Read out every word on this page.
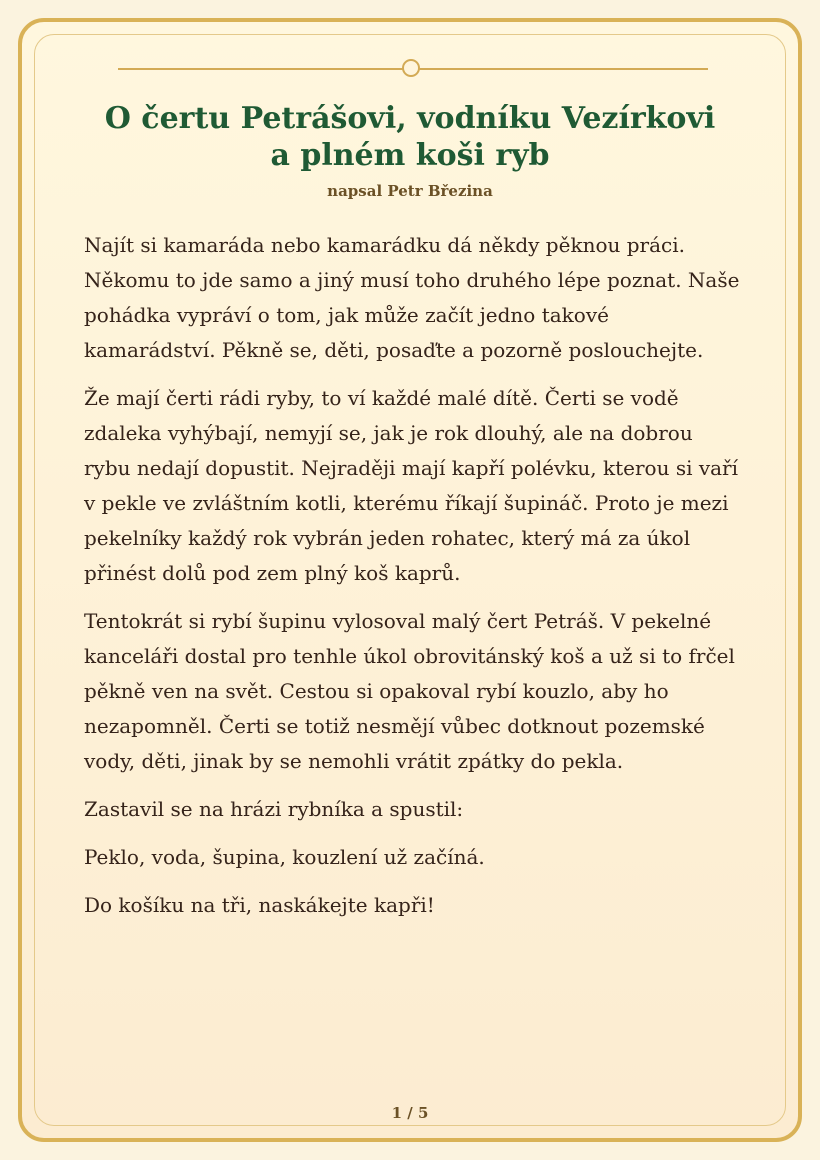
O čertu Petrášovi, vodníku Vezírkovi
a plném koši ryb
napsal Petr Březina

Najít si kamaráda nebo kamarádku dá někdy pěknou práci. Někomu to jde samo a jiný musí toho druhého lépe poznat. Naše pohádka vypráví o tom, jak může začít jedno takové kamarádství. Pěkně se, děti, posaďte a pozorně poslouchejte.

Že mají čerti rádi ryby, to ví každé malé dítě. Čerti se vodě zdaleka vyhýbají, nemyjí se, jak je rok dlouhý, ale na dobrou rybu nedají dopustit. Nejraději mají kapří polévku, kterou si vaří v pekle ve zvláštním kotli, kterému říkají šupináč. Proto je mezi pekelníky každý rok vybrán jeden rohatec, který má za úkol přinést dolů pod zem plný koš kaprů.

Tentokrát si rybí šupinu vylosoval malý čert Petráš. V pekelné kanceláři dostal pro tenhle úkol obrovitánský koš a už si to frčel pěkně ven na svět. Cestou si opakoval rybí kouzlo, aby ho nezapomněl. Čerti se totiž nesmějí vůbec dotknout pozemské vody, děti, jinak by se nemohli vrátit zpátky do pekla.

Zastavil se na hrázi rybníka a spustil:

Peklo, voda, šupina, kouzlení už začíná.

Do košíku na tři, naskákejte kapři!

1 / 5
